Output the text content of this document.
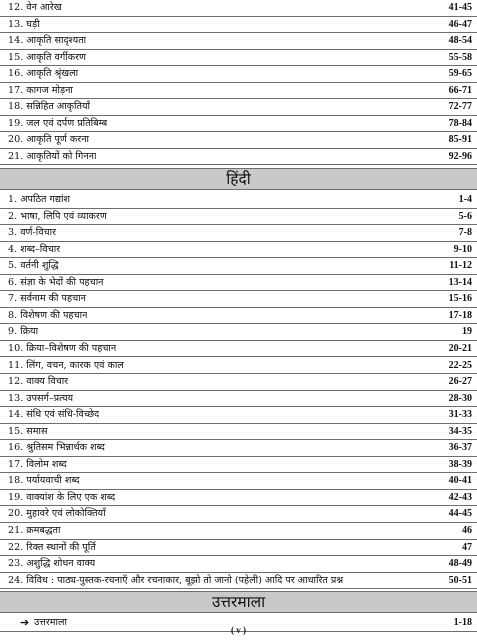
12. वेन आरेख	41-45
13. घड़ी	46-47
14. आकृति सादृश्यता	48-54
15. आकृति वर्गीकरण	55-58
16. आकृति श्रृंखला	59-65
17. कागज मोड़ना	66-71
18. सन्निहित आकृतियाँ	72-77
19. जल एवं दर्पण प्रतिबिम्ब	78-84
20. आकृति पूर्ण करना	85-91
21. आकृतियों को गिनना	92-96
हिंदी
1. अपठित गद्यांश	1-4
2. भाषा, लिपि एवं व्याकरण	5-6
3. वर्ण-विचार	7-8
4. शब्द–विचार	9-10
5. वर्तनी शुद्धि	11-12
6. संज्ञा के भेदों की पहचान	13-14
7. सर्वनाम की पहचान	15-16
8. विशेषण की पहचान	17-18
9. क्रिया	19
10. क्रिया–विशेषण की पहचान	20-21
11. लिंग, वचन, कारक एवं काल	22-25
12. वाक्य विचार	26-27
13. उपसर्ग–प्रत्यय	28-30
14. संधि एवं संधि-विच्छेद	31-33
15. समास	34-35
16. श्रुतिसम भिन्नार्थक शब्द	36-37
17. विलोम शब्द	38-39
18. पर्यायवाची शब्द	40-41
19. वाक्यांश के लिए एक शब्द	42-43
20. मुहावरे एवं लोकोक्तियाँ	44-45
21. क्रमबद्धता	46
22. रिक्त स्थानों की पूर्ति	47
23. अशुद्धि शोधन वाक्य	48-49
24. विविध : पाठ्य-पुस्तक-रचनाएँ और रचनाकार, बूझो तो जानो (पहेली) आदि पर आधारित प्रश्न	50-51
उत्तरमाला
➔ उत्तरमाला	1-18
( v )
